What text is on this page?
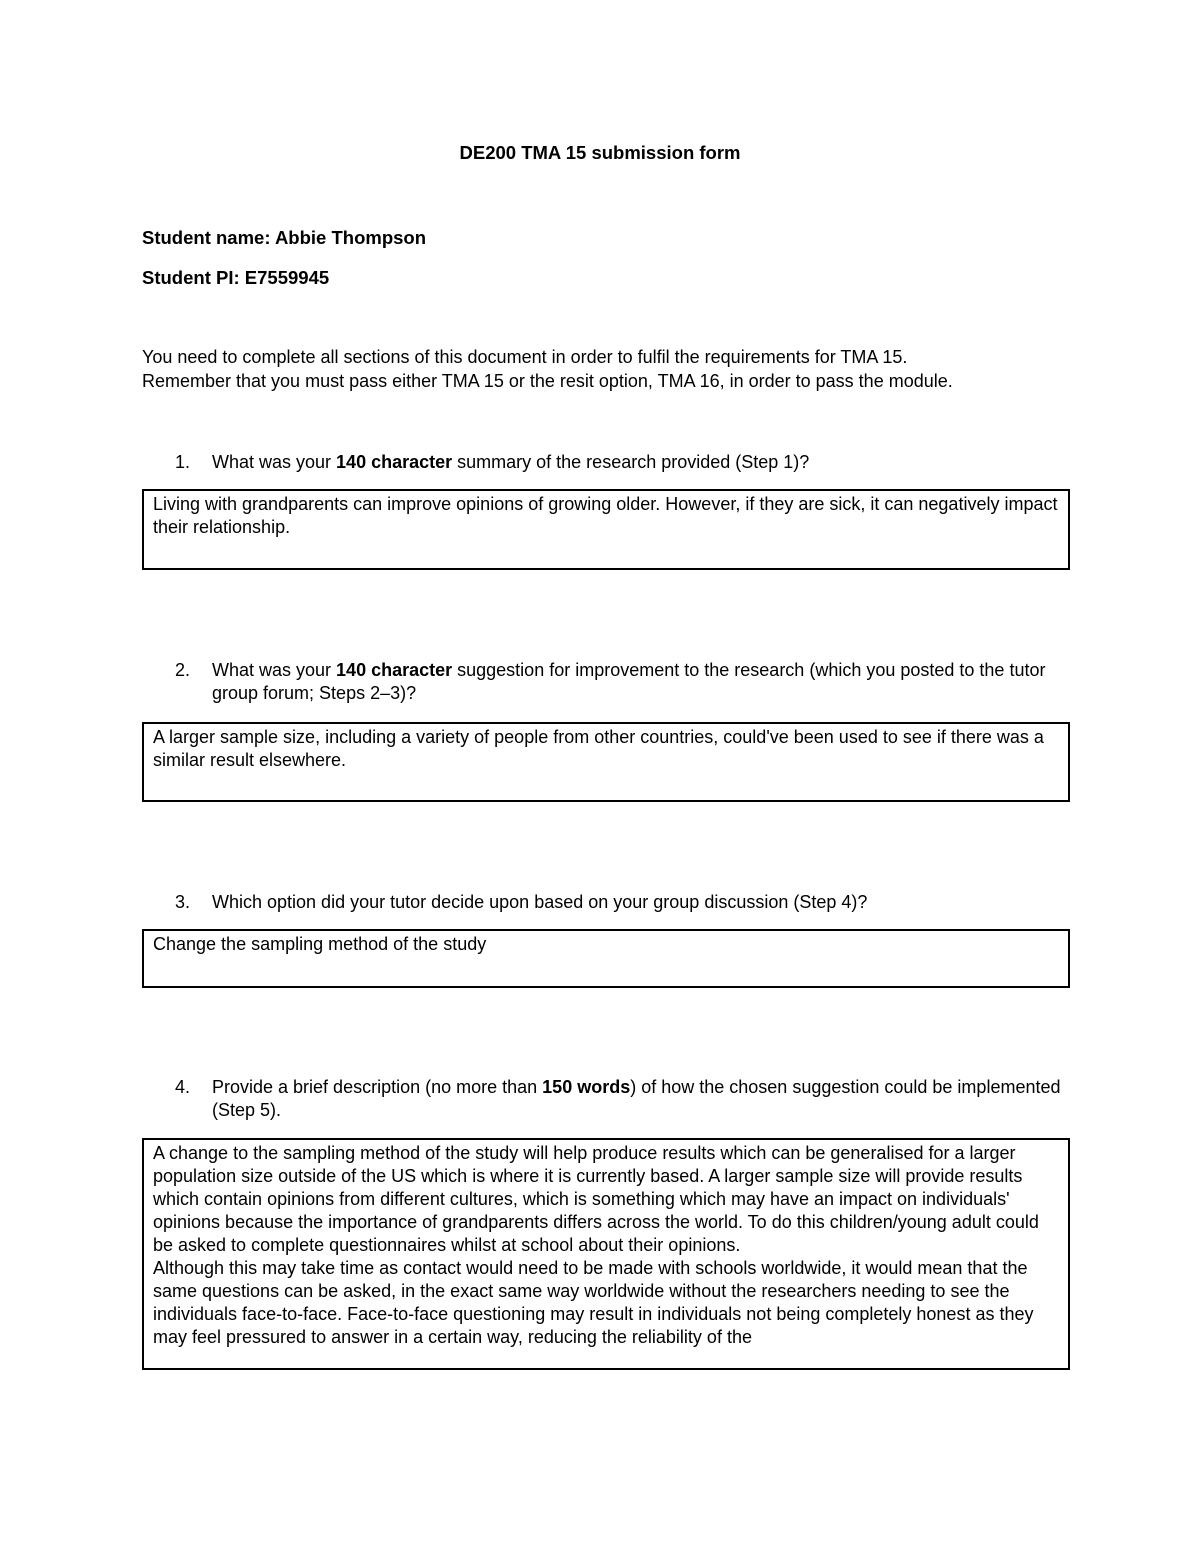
DE200 TMA 15 submission form
Student name: Abbie Thompson
Student PI: E7559945

You need to complete all sections of this document in order to fulfil the requirements for TMA 15.

Remember that you must pass either TMA 15 or the resit option, TMA 16, in order to pass the module.

1. What was your 140 character summary of the research provided (Step 1)?

Living with grandparents can improve opinions of growing older. However, if they are sick, it can negatively impact their relationship.

2. What was your 140 character suggestion for improvement to the research (which you posted to the tutor group forum; Steps 2–3)?

A larger sample size, including a variety of people from other countries, could've been used to see if there was a similar result elsewhere.

3. Which option did your tutor decide upon based on your group discussion (Step 4)?

Change the sampling method of the study

4. Provide a brief description (no more than 150 words) of how the chosen suggestion could be implemented (Step 5).

A change to the sampling method of the study will help produce results which can be generalised for a larger population size outside of the US which is where it is currently based. A larger sample size will provide results which contain opinions from different cultures, which is something which may have an impact on individuals' opinions because the importance of grandparents differs across the world. To do this children/young adult could be asked to complete questionnaires whilst at school about their opinions.

Although this may take time as contact would need to be made with schools worldwide, it would mean that the same questions can be asked, in the exact same way worldwide without the researchers needing to see the individuals face-to-face. Face-to-face questioning may result in individuals not being completely honest as they may feel pressured to answer in a certain way, reducing the reliability of the
